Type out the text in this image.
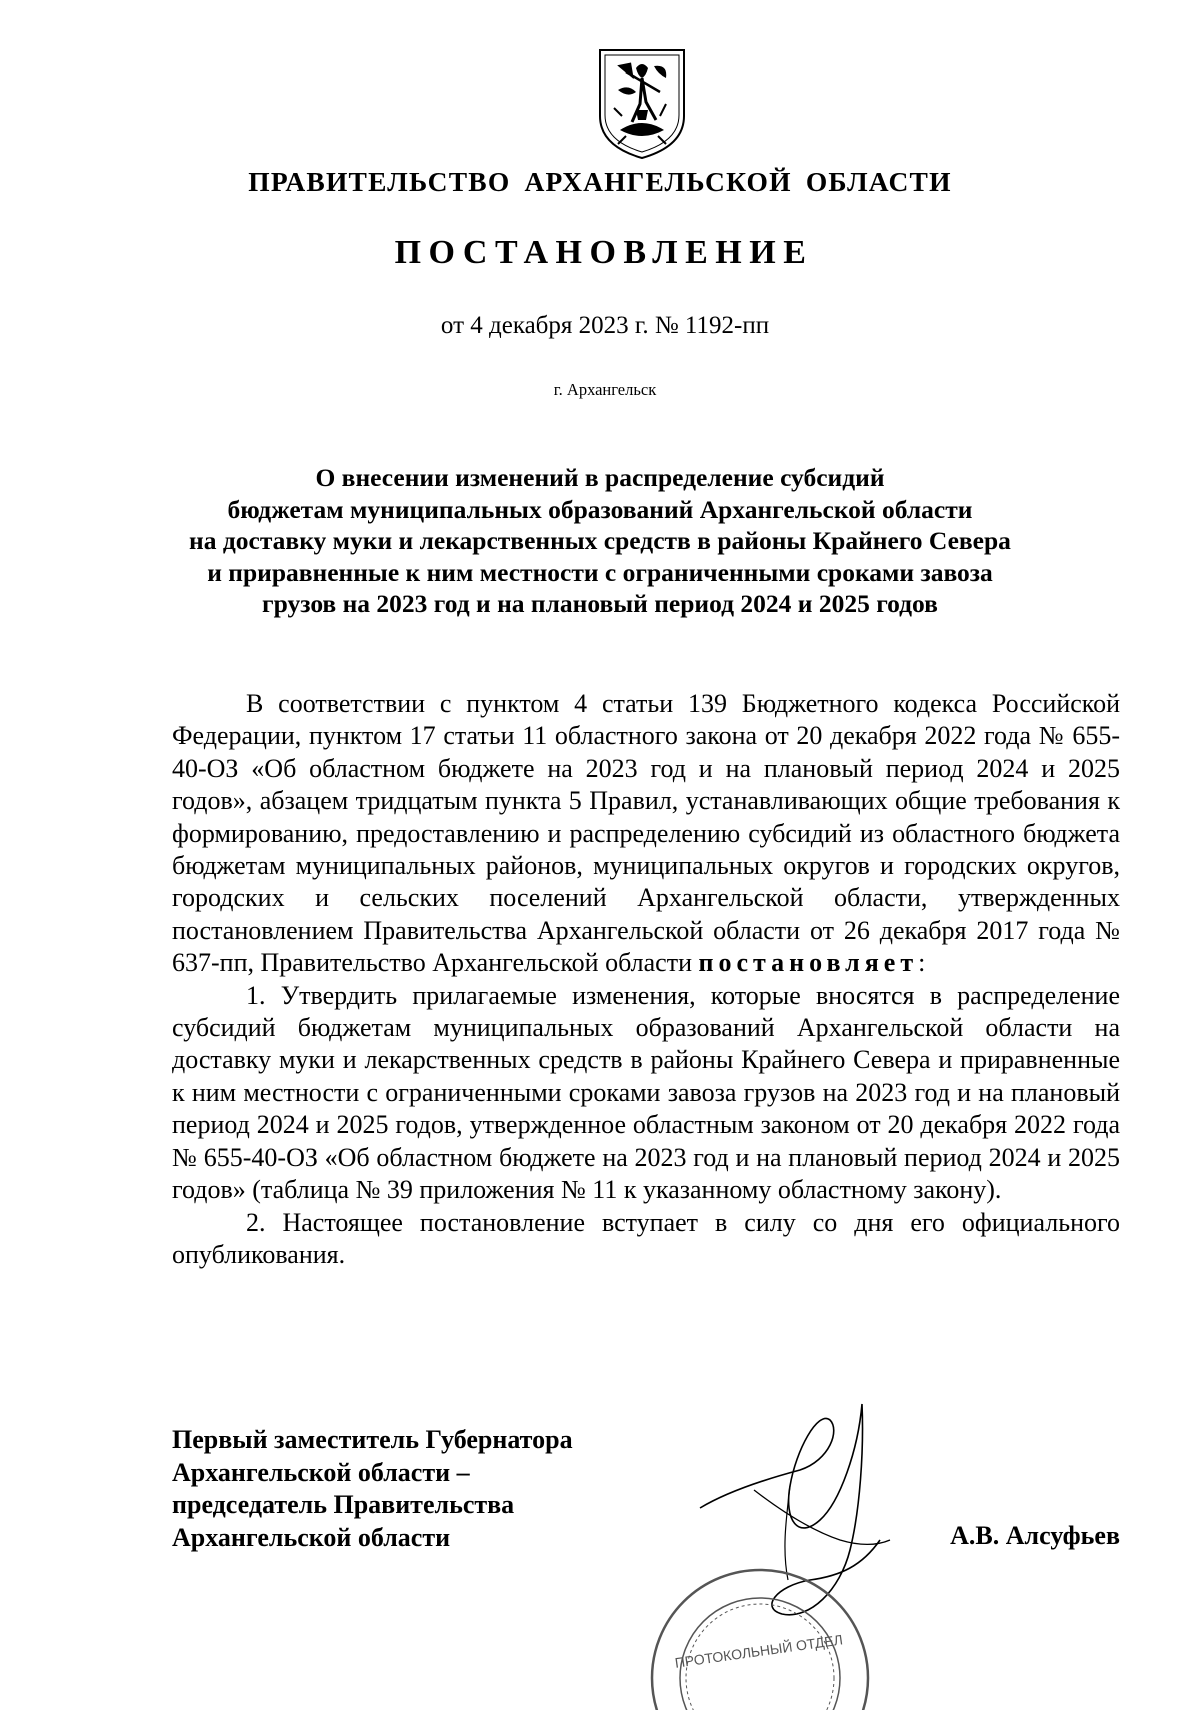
ПРАВИТЕЛЬСТВО АРХАНГЕЛЬСКОЙ ОБЛАСТИ
ПОСТАНОВЛЕНИЕ
от 4 декабря 2023 г. № 1192-пп
г. Архангельск
О внесении изменений в распределение субсидий
бюджетам муниципальных образований Архангельской области
на доставку муки и лекарственных средств в районы Крайнего Севера
и приравненные к ним местности с ограниченными сроками завоза
грузов на 2023 год и на плановый период 2024 и 2025 годов

В соответствии с пунктом 4 статьи 139 Бюджетного кодекса Российской Федерации, пунктом 17 статьи 11 областного закона от 20 декабря 2022 года № 655-40-ОЗ «Об областном бюджете на 2023 год и на плановый период 2024 и 2025 годов», абзацем тридцатым пункта 5 Правил, устанавливающих общие требования к формированию, предоставлению и распределению субсидий из областного бюджета бюджетам муниципальных районов, муниципальных округов и городских округов, городских и сельских поселений Архангельской области, утвержденных постановлением Правительства Архангельской области от 26 декабря 2017 года № 637-пп, Правительство Архангельской области постановляет:

1. Утвердить прилагаемые изменения, которые вносятся в распределение субсидий бюджетам муниципальных образований Архангельской области на доставку муки и лекарственных средств в районы Крайнего Севера и приравненные к ним местности с ограниченными сроками завоза грузов на 2023 год и на плановый период 2024 и 2025 годов, утвержденное областным законом от 20 декабря 2022 года № 655-40-ОЗ «Об областном бюджете на 2023 год и на плановый период 2024 и 2025 годов» (таблица № 39 приложения № 11 к указанному областному закону).

2. Настоящее постановление вступает в силу со дня его официального опубликования.

Первый заместитель Губернатора
Архангельской области –
председатель Правительства
Архангельской области	А.В. Алсуфьев
ПРОТОКОЛЬНЫЙ ОТДЕЛ
